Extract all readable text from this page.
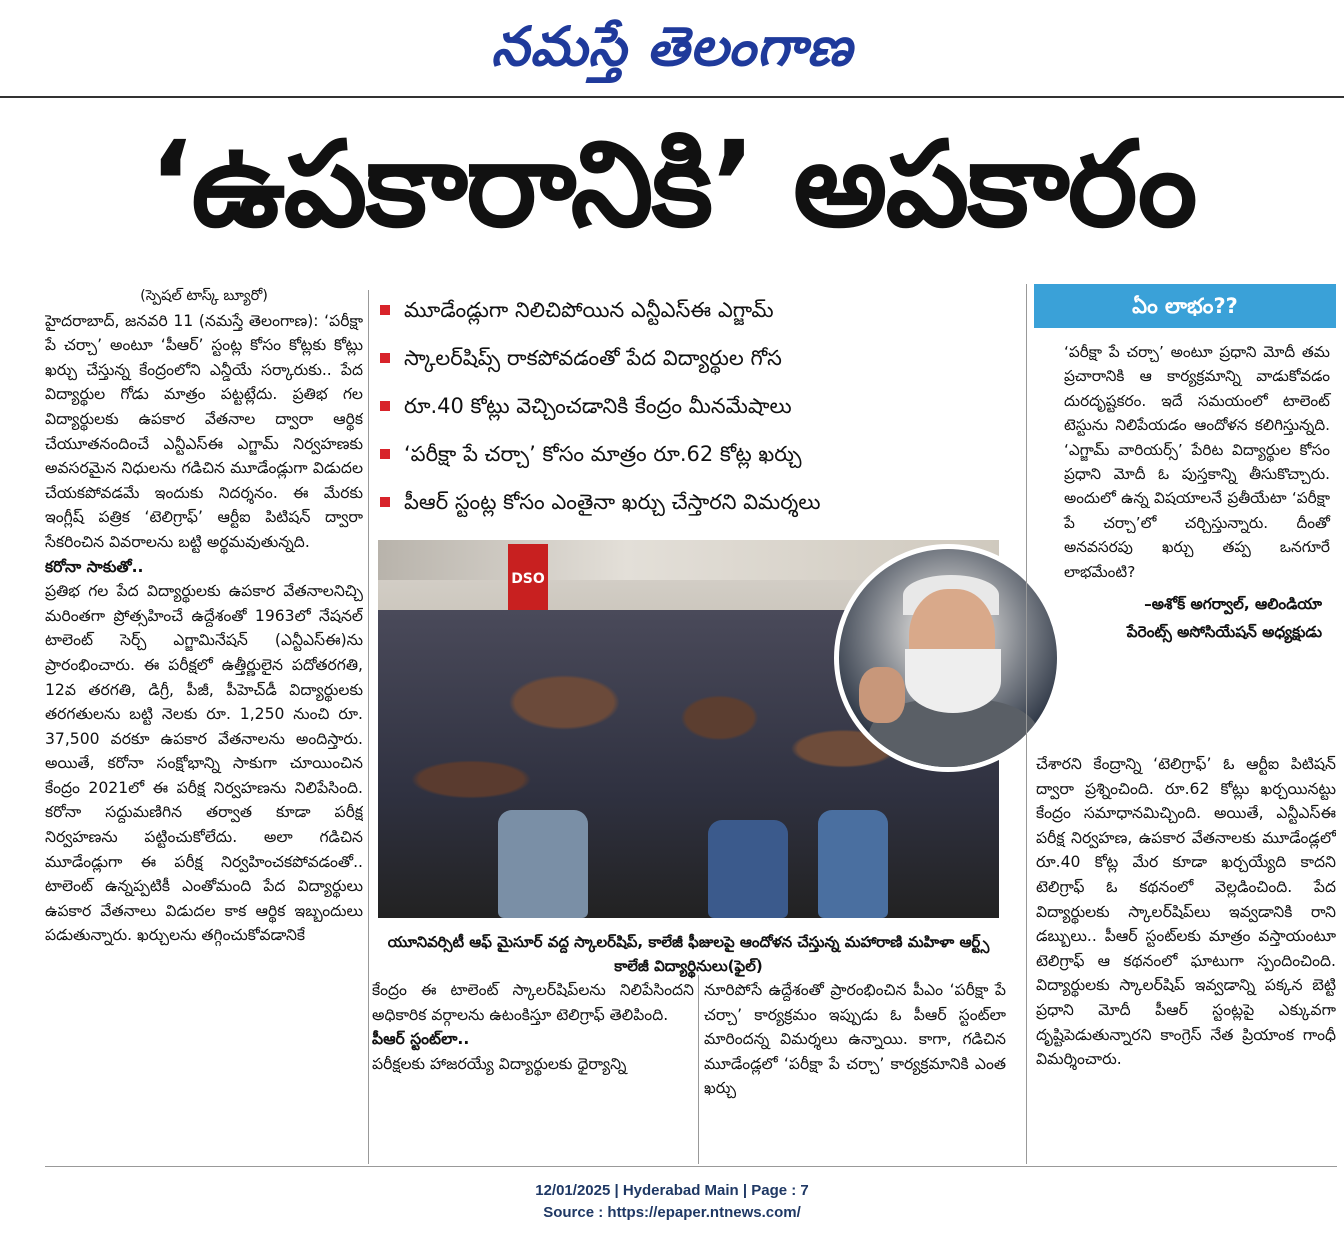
నమస్తే తెలంగాణ
‘ఉపకారానికి’ అపకారం

(స్పెషల్ టాస్క్ బ్యూరో)

హైదరాబాద్, జనవరి 11 (నమస్తే తెలంగాణ): ‘పరీక్షా పే చర్చా’ అంటూ ‘పీఆర్’ స్టంట్ల కోసం కోట్లకు కోట్లు ఖర్చు చేస్తున్న కేంద్రంలోని ఎన్డీయే సర్కారుకు.. పేద విద్యార్థుల గోడు మాత్రం పట్టట్లేదు. ప్రతిభ గల విద్యార్థులకు ఉపకార వేతనాల ద్వారా ఆర్థిక చేయూతనందించే ఎన్టీఎస్ఈ ఎగ్జామ్ నిర్వహణకు అవసరమైన నిధులను గడిచిన మూడేండ్లుగా విడుదల చేయకపోవడమే ఇందుకు నిదర్శనం. ఈ మేరకు ఇంగ్లీష్ పత్రిక ‘టెలిగ్రాఫ్’ ఆర్టీఐ పిటిషన్ ద్వారా సేకరించిన వివరాలను బట్టి అర్థమవుతున్నది.

కరోనా సాకుతో..

ప్రతిభ గల పేద విద్యార్థులకు ఉపకార వేతనాలనిచ్చి మరింతగా ప్రోత్సహించే ఉద్దేశంతో 1963లో నేషనల్ టాలెంట్ సెర్చ్ ఎగ్జామినేషన్ (ఎన్టీఎస్ఈ)ను ప్రారంభించారు. ఈ పరీక్షలో ఉత్తీర్ణులైన పదోతరగతి, 12వ తరగతి, డిగ్రీ, పీజీ, పీహెచ్‌డీ విద్యార్థులకు తరగతులను బట్టి నెలకు రూ. 1,250 నుంచి రూ. 37,500 వరకూ ఉపకార వేతనాలను అందిస్తారు. అయితే, కరోనా సంక్షోభాన్ని సాకుగా చూయించిన కేంద్రం 2021లో ఈ పరీక్ష నిర్వహణను నిలిపేసింది. కరోనా సద్దుమణిగిన తర్వాత కూడా పరీక్ష నిర్వహణను పట్టించుకోలేదు. అలా గడిచిన మూడేండ్లుగా ఈ పరీక్ష నిర్వహించకపోవడంతో.. టాలెంట్ ఉన్నప్పటికీ ఎంతోమంది పేద విద్యార్థులు ఉపకార వేతనాలు విడుదల కాక ఆర్థిక ఇబ్బందులు పడుతున్నారు. ఖర్చులను తగ్గించుకోవడానికే

మూడేండ్లుగా నిలిచిపోయిన ఎన్టీఎస్ఈ ఎగ్జామ్
స్కాలర్‌షిప్స్ రాకపోవడంతో పేద విద్యార్థుల గోస
రూ.40 కోట్లు వెచ్చించడానికి కేంద్రం మీనమేషాలు
‘పరీక్షా పే చర్చా’ కోసం మాత్రం రూ.62 కోట్ల ఖర్చు
పీఆర్ స్టంట్ల కోసం ఎంతైనా ఖర్చు చేస్తారని విమర్శలు
DSO
యూనివర్సిటీ ఆఫ్ మైసూర్ వద్ద స్కాలర్‌షిప్, కాలేజీ ఫీజులపై ఆందోళన చేస్తున్న మహారాణి మహిళా ఆర్ట్స్ కాలేజీ విద్యార్థినులు(ఫైల్)
ఏం లాభం??
‘పరీక్షా పే చర్చా’ అంటూ ప్రధాని మోదీ తమ ప్రచారానికి ఆ కార్యక్రమాన్ని వాడుకోవడం దురదృష్టకరం. ఇదే సమయంలో టాలెంట్ టెస్టును నిలిపేయడం ఆందోళన కలిగిస్తున్నది. ‘ఎగ్జామ్ వారియర్స్’ పేరిట విద్యార్థుల కోసం ప్రధాని మోదీ ఓ పుస్తకాన్ని తీసుకొచ్చారు. అందులో ఉన్న విషయాలనే ప్రతీయేటా ‘పరీక్షా పే చర్చా’లో చర్చిస్తున్నారు. దీంతో అనవసరపు ఖర్చు తప్ప ఒనగూరే లాభమేంటి?
–అశోక్ అగర్వాల్, ఆలిండియా
పేరెంట్స్ అసోసియేషన్ అధ్యక్షుడు
చేశారని కేంద్రాన్ని ‘టెలిగ్రాఫ్’ ఓ ఆర్టీఐ పిటిషన్ ద్వారా ప్రశ్నించింది. రూ.62 కోట్లు ఖర్చయినట్టు కేంద్రం సమాధానమిచ్చింది. అయితే, ఎన్టీఎస్ఈ పరీక్ష నిర్వహణ, ఉపకార వేతనాలకు మూడేండ్లలో రూ.40 కోట్ల మేర కూడా ఖర్చయ్యేది కాదని టెలిగ్రాఫ్ ఓ కథనంలో వెల్లడించింది. పేద విద్యార్థులకు స్కాలర్‌షిప్‌లు ఇవ్వడానికి రాని డబ్బులు.. పీఆర్ స్టంట్‌లకు మాత్రం వస్తాయంటూ టెలిగ్రాఫ్ ఆ కథనంలో ఘాటుగా స్పందించింది. విద్యార్థులకు స్కాలర్‌షిప్ ఇవ్వడాన్ని పక్కన బెట్టి ప్రధాని మోదీ పీఆర్ స్టంట్లపై ఎక్కువగా దృష్టిపెడుతున్నారని కాంగ్రెస్ నేత ప్రియాంక గాంధీ విమర్శించారు.

కేంద్రం ఈ టాలెంట్ స్కాలర్‌షిప్‌లను నిలిపేసిందని అధికారిక వర్గాలను ఉటంకిస్తూ టెలిగ్రాఫ్ తెలిపింది.

పీఆర్ స్టంట్‌లా..

పరీక్షలకు హాజరయ్యే విద్యార్థులకు ధైర్యాన్ని

నూరిపోసే ఉద్దేశంతో ప్రారంభించిన పీఎం ‘పరీక్షా పే చర్చా’ కార్యక్రమం ఇప్పుడు ఓ పీఆర్ స్టంట్‌లా మారిందన్న విమర్శలు ఉన్నాయి. కాగా, గడిచిన మూడేండ్లలో ‘పరీక్షా పే చర్చా’ కార్యక్రమానికి ఎంత ఖర్చు
12/01/2025 | Hyderabad Main | Page : 7
Source : https://epaper.ntnews.com/
